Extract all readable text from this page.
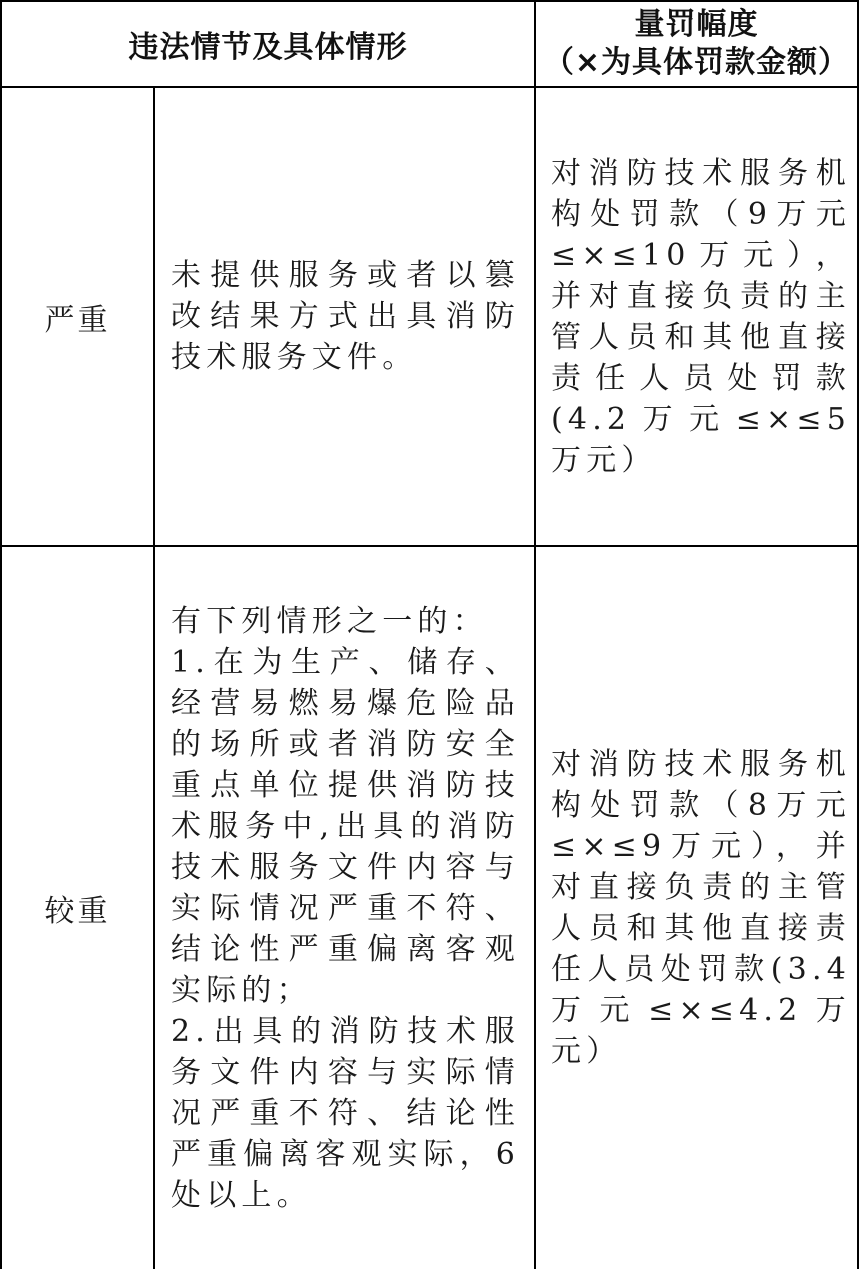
违法情节及具体情形
量罚幅度
（×为具体罚款金额）
严重
未提供服务或者以篡改结果方式出具消防技术服务文件。
对消防技术服务机构处罚款（9万元≤×≤10万元），并对直接负责的主管人员和其他直接责任人员处罚款(4.2万元≤×≤5万元）
较重
有下列情形之一的：
1.在为生产、储存、经营易燃易爆危险品的场所或者消防安全重点单位提供消防技术服务中,出具的消防技术服务文件内容与实际情况严重不符、结论性严重偏离客观实际的；
2.出具的消防技术服务文件内容与实际情况严重不符、结论性严重偏离客观实际，6处以上。
对消防技术服务机构处罚款（8万元≤×≤9万元），并对直接负责的主管人员和其他直接责任人员处罚款(3.4万元≤×≤4.2万元）
